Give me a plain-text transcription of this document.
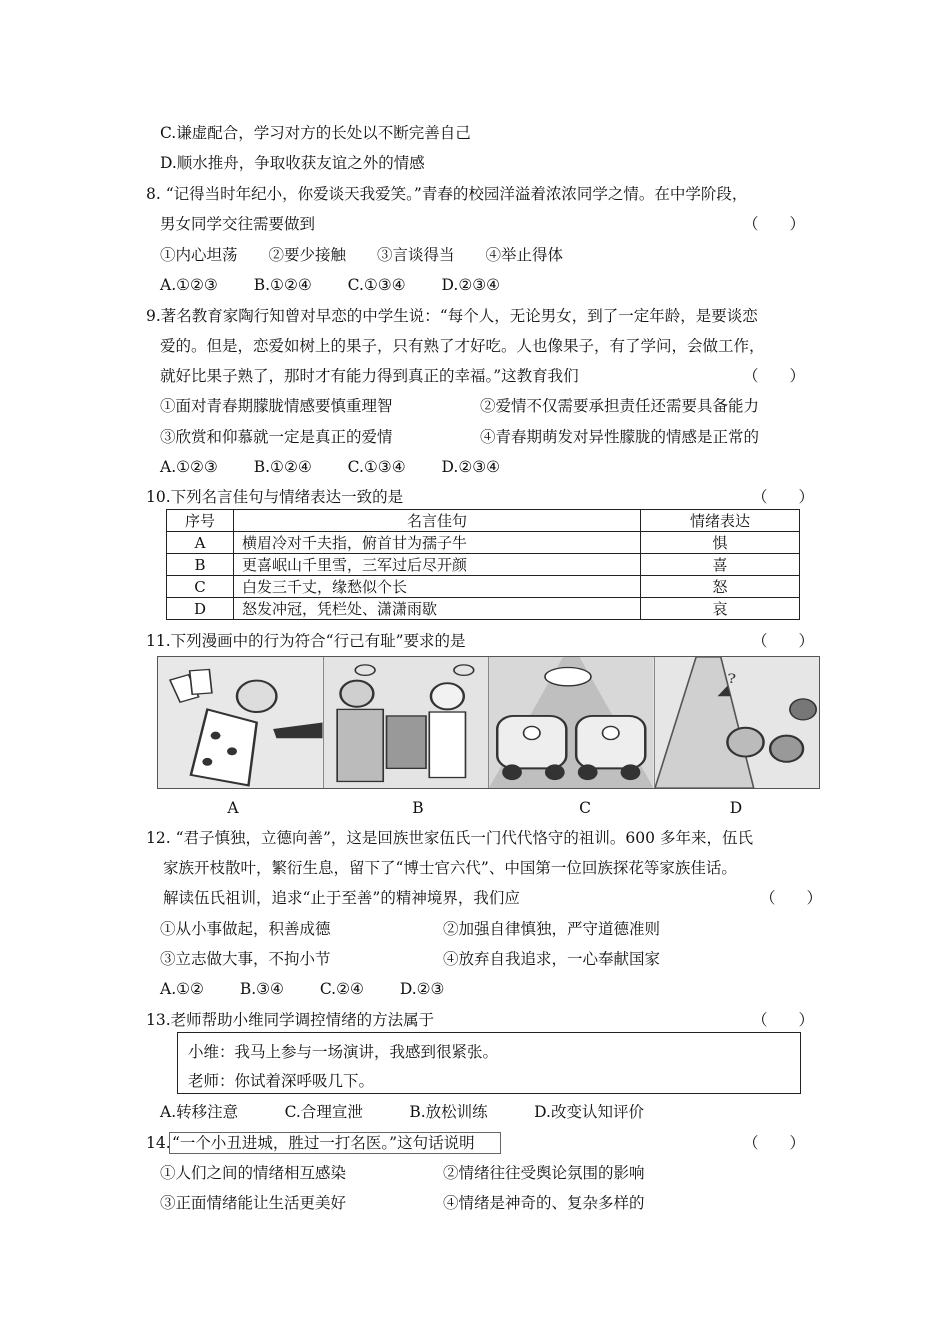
C.谦虚配合，学习对方的长处以不断完善自己
D.顺水推舟，争取收获友谊之外的情感
8. “记得当时年纪小，你爱谈天我爱笑。”青春的校园洋溢着浓浓同学之情。在中学阶段，
男女同学交往需要做到	（　　）
①内心坦荡　　②要少接触　　③言谈得当　　④举止得体
A.①②③　　 B.①②④　　 C.①③④　　 D.②③④
9.著名教育家陶行知曾对早恋的中学生说：“每个人，无论男女，到了一定年龄，是要谈恋
爱的。但是，恋爱如树上的果子，只有熟了才好吃。人也像果子，有了学问，会做工作，
就好比果子熟了，那时才有能力得到真正的幸福。”这教育我们	（　　）
①面对青春期朦胧情感要慎重理智	②爱情不仅需要承担责任还需要具备能力
③欣赏和仰慕就一定是真正的爱情	④青春期萌发对异性朦胧的情感是正常的
A.①②③　　 B.①②④　　 C.①③④　　 D.②③④
10.下列名言佳句与情绪表达一致的是	（　　）
序号	名言佳句	情绪表达
A	横眉冷对千夫指，俯首甘为孺子牛	惧
B	更喜岷山千里雪，三军过后尽开颜	喜
C	白发三千丈，缘愁似个长	怒
D	怒发冲冠，凭栏处、潇潇雨歇	哀
11.下列漫画中的行为符合“行己有耻”要求的是	（　　）
?
A	B	C	D
12. “君子慎独，立德向善”，这是回族世家伍氏一门代代恪守的祖训。600 多年来，伍氏
家族开枝散叶，繁衍生息，留下了“博士官六代”、中国第一位回族探花等家族佳话。
解读伍氏祖训，追求“止于至善”的精神境界，我们应	（　　）
①从小事做起，积善成德	②加强自律慎独，严守道德准则
③立志做大事，不拘小节	④放弃自我追求，一心奉献国家
A.①②　　 B.③④　　 C.②④　　 D.②③
13.老师帮助小维同学调控情绪的方法属于	（　　）
小维：我马上参与一场演讲，我感到很紧张。
老师：你试着深呼吸几下。
A.转移注意　　　C.合理宣泄　　　B.放松训练　　　D.改变认知评价
14. “一个小丑进城，胜过一打名医。”这句话说明	（　　）
①人们之间的情绪相互感染	②情绪往往受舆论氛围的影响
③正面情绪能让生活更美好	④情绪是神奇的、复杂多样的
